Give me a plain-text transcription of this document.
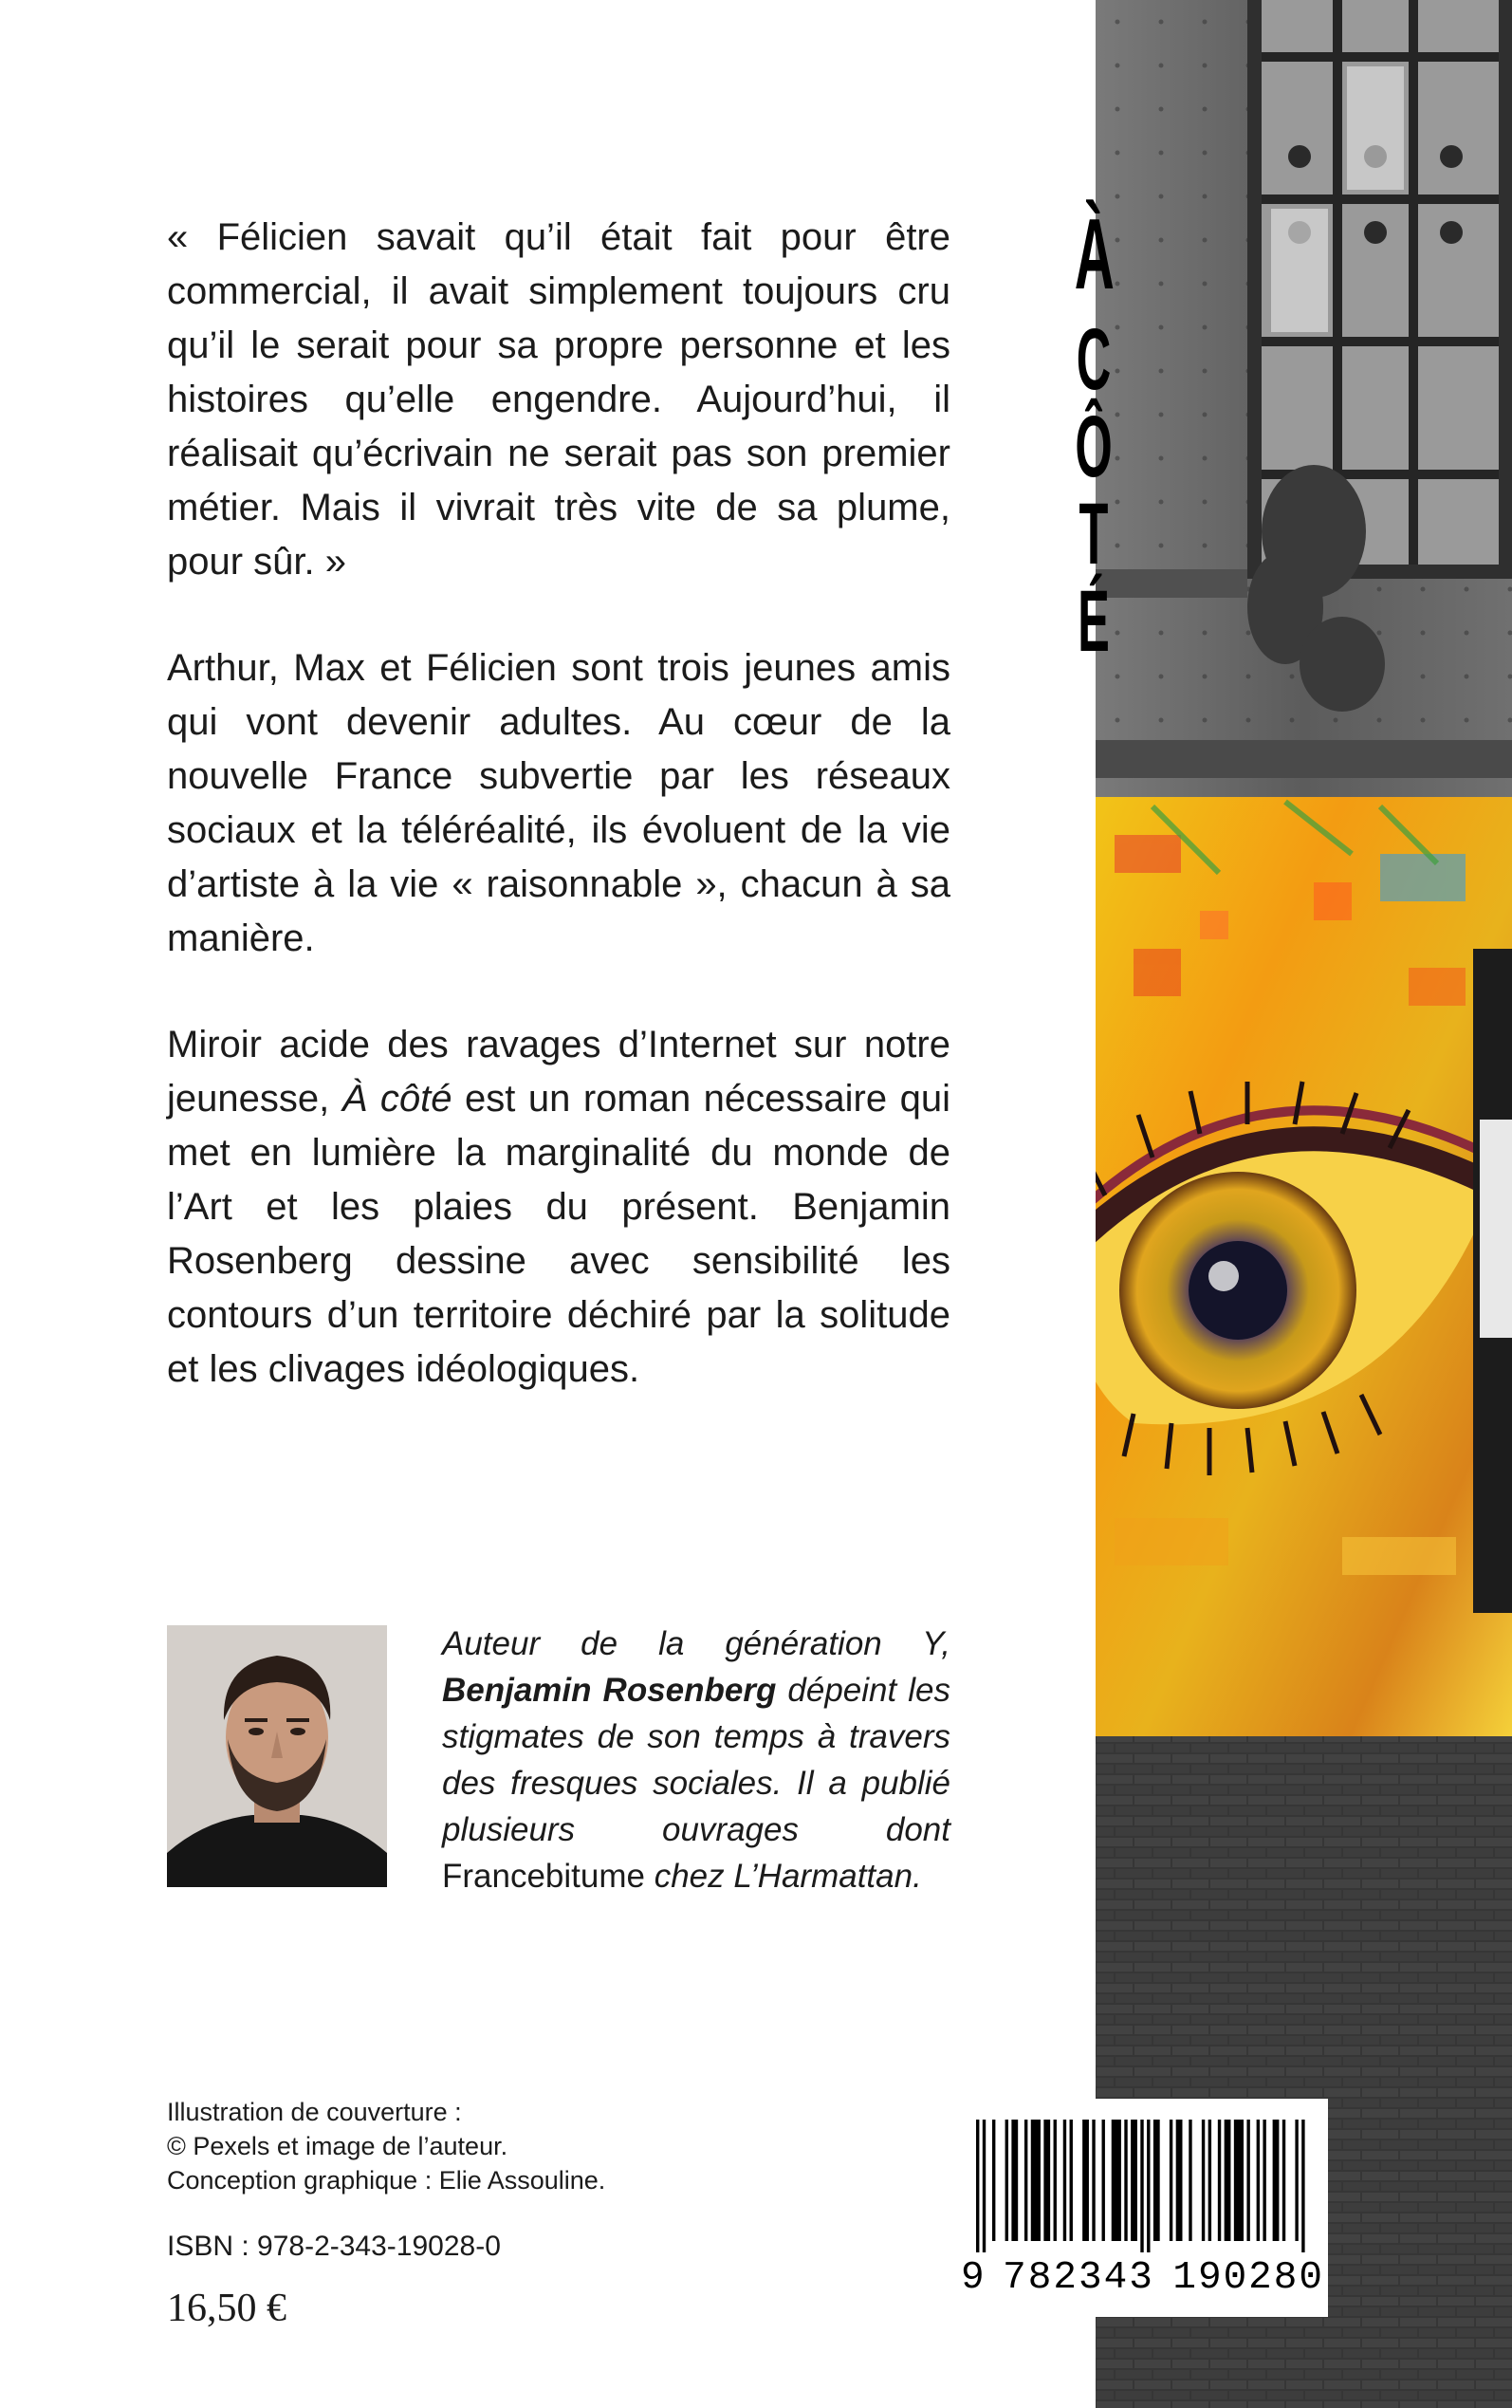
À
CÔTÉ

« Félicien savait qu’il était fait pour être commercial, il avait simplement toujours cru qu’il le serait pour sa propre personne et les histoires qu’elle engendre. Aujourd’hui, il réalisait qu’écrivain ne serait pas son premier métier. Mais il vivrait très vite de sa plume, pour sûr. »

Arthur, Max et Félicien sont trois jeunes amis qui vont devenir adultes. Au cœur de la nouvelle France subvertie par les réseaux sociaux et la téléréalité, ils évoluent de la vie d’artiste à la vie « raisonnable », chacun à sa manière.

Miroir acide des ravages d’Internet sur notre jeunesse, À côté est un roman nécessaire qui met en lumière la marginalité du monde de l’Art et les plaies du présent. Benjamin Rosenberg dessine avec sensibilité les contours d’un territoire déchiré par la solitude et les clivages idéologiques.

Auteur de la génération Y, Benjamin Rosenberg dépeint les stigmates de son temps à travers des fresques sociales. Il a publié plusieurs ouvrages dont Francebitume chez L’Harmattan.
Illustration de couverture :
© Pexels et image de l’auteur.
Conception graphique : Elie Assouline.
ISBN : 978-2-343-19028-0
16,50 €
9 782343 190280
